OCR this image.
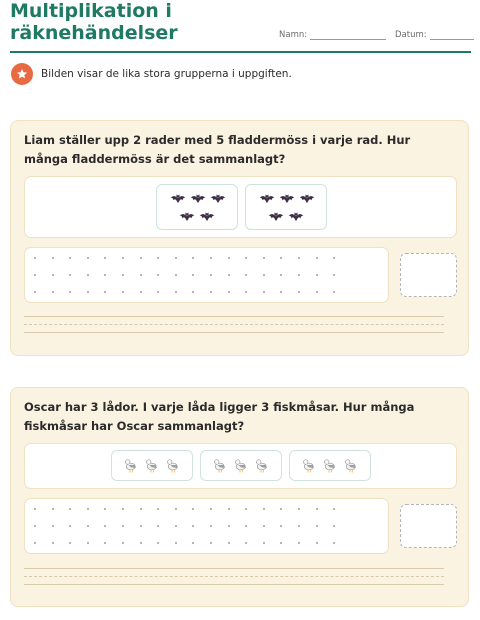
Multiplikation i
räknehändelser	Namn:	Datum:
Bilden visar de lika stora grupperna i uppgiften.

Liam ställer upp 2 rader med 5 fladdermöss i varje rad. Hur många fladdermöss är det sammanlagt?

Oscar har 3 lådor. I varje låda ligger 3 fiskmåsar. Hur många fiskmåsar har Oscar sammanlagt?
